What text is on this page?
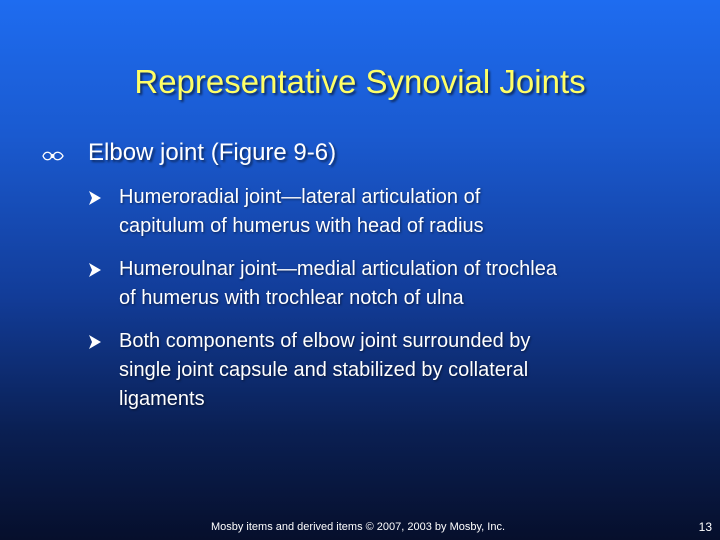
Representative Synovial Joints
Elbow joint (Figure 9-6)
Humeroradial joint—lateral articulation of
capitulum of humerus with head of radius
Humeroulnar joint—medial articulation of trochlea
of humerus with trochlear notch of ulna
Both components of elbow joint surrounded by
single joint capsule and stabilized by collateral
ligaments
Mosby items and derived items © 2007, 2003 by Mosby, Inc.	13
